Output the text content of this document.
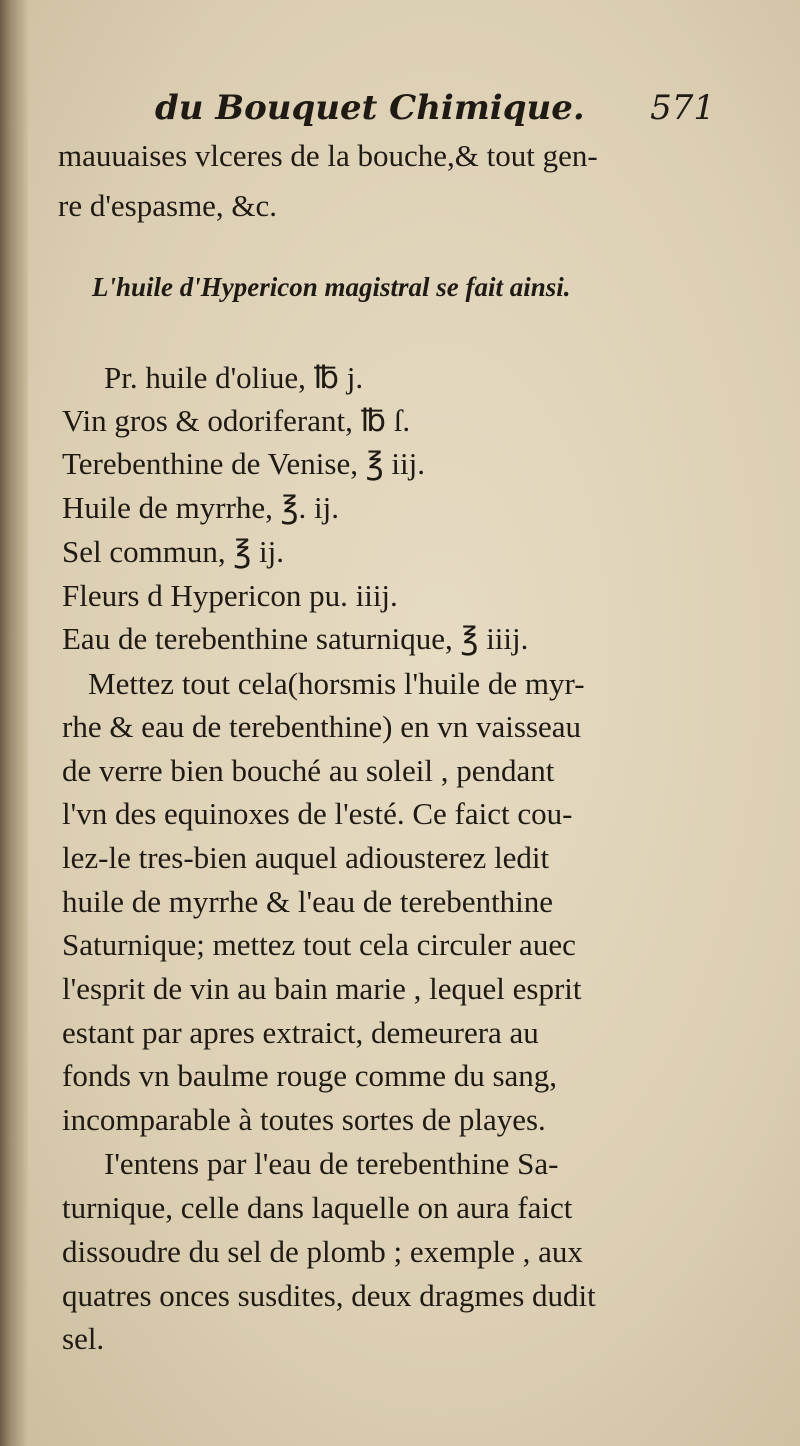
du Bouquet Chimique. 571
mauuaises vlceres de la bouche,& tout gen-
re d'espasme, &c.
L'huile d'Hypericon magistral se fait ainsi.
Pr. huile d'oliue, ℔ j.
Vin gros & odoriferant, ℔ ſ.
Terebenthine de Venise, ℥ iij.
Huile de myrrhe, ℥. ij.
Sel commun, ℥ ij.
Fleurs d Hypericon pu. iiij.
Eau de terebenthine saturnique, ℥ iiij.
Mettez tout cela(horsmis l'huile de myr-
rhe & eau de terebenthine) en vn vaisseau
de verre bien bouché au soleil , pendant
l'vn des equinoxes de l'esté. Ce faict cou-
lez-le tres-bien auquel adiousterez ledit
huile de myrrhe & l'eau de terebenthine
Saturnique; mettez tout cela circuler auec
l'esprit de vin au bain marie , lequel esprit
estant par apres extraict, demeurera au
fonds vn baulme rouge comme du sang,
incomparable à toutes sortes de playes.
I'entens par l'eau de terebenthine Sa-
turnique, celle dans laquelle on aura faict
dissoudre du sel de plomb ; exemple , aux
quatres onces susdites, deux dragmes dudit
sel.
